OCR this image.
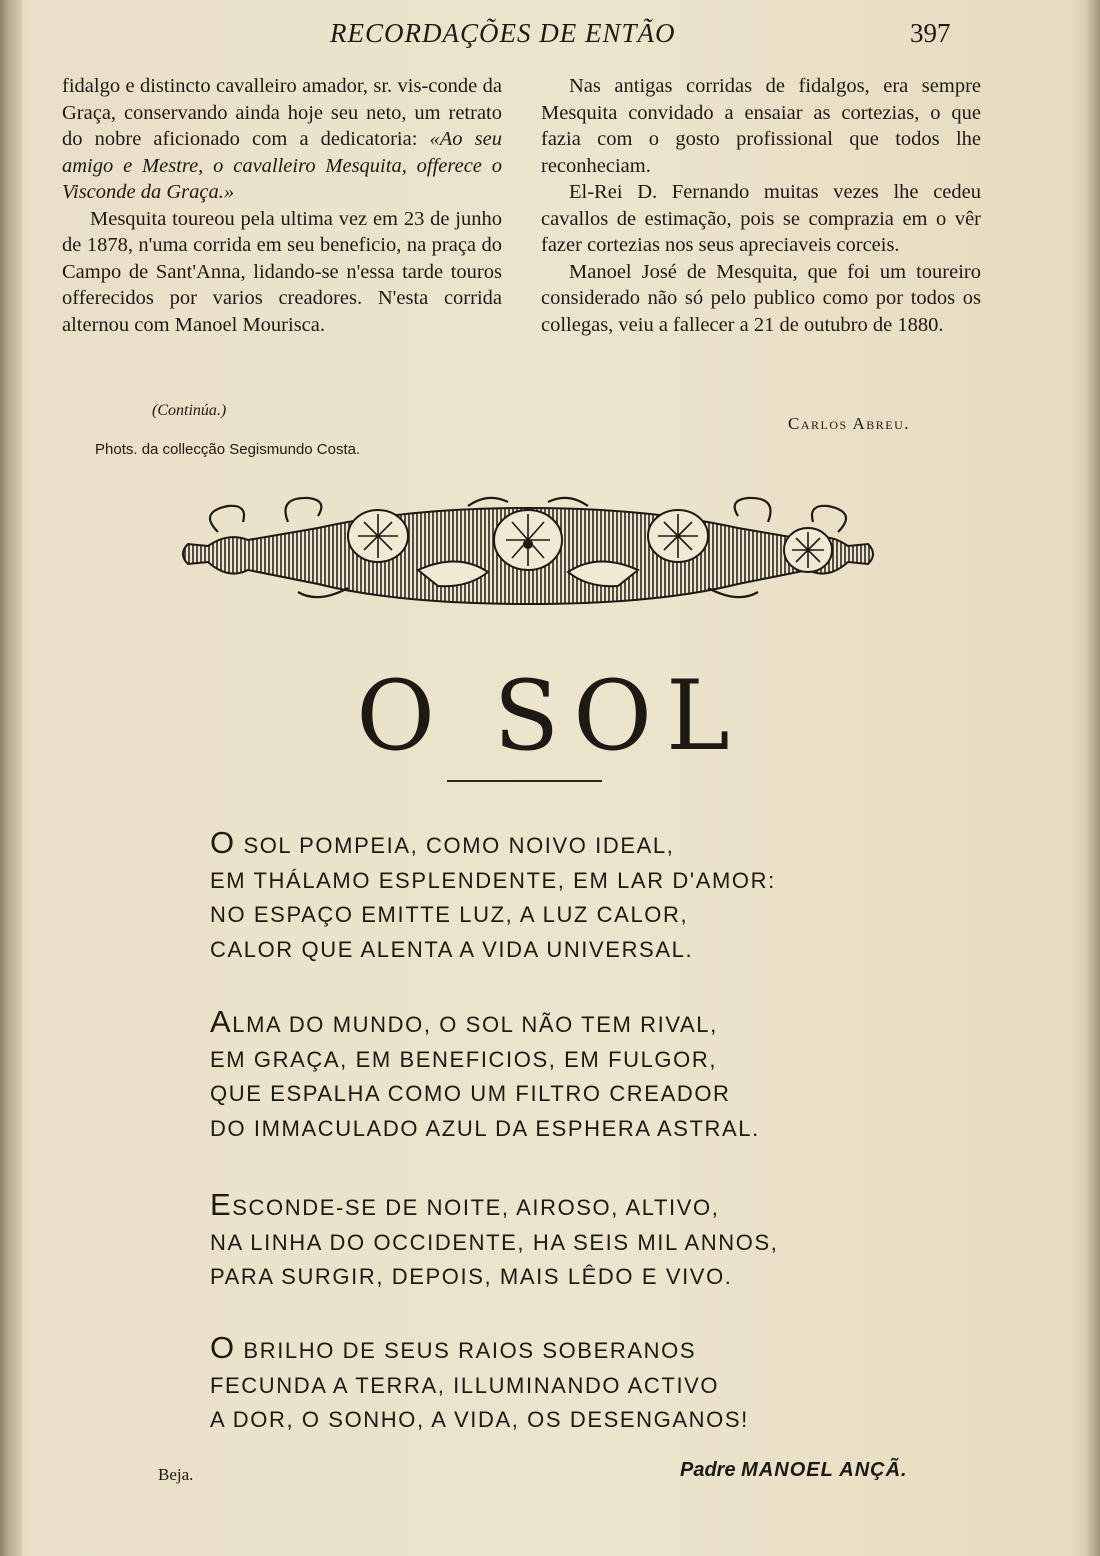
RECORDAÇÕES DE ENTÃO	397

fidalgo e distincto cavalleiro amador, sr. vis-conde da Graça, conservando ainda hoje seu neto, um retrato do nobre aficionado com a dedicatoria: «Ao seu amigo e Mestre, o cavalleiro Mesquita, offerece o Visconde da Graça.»

Mesquita toureou pela ultima vez em 23 de junho de 1878, n'uma corrida em seu beneficio, na praça do Campo de Sant'Anna, lidando-se n'essa tarde touros offerecidos por varios creadores. N'esta corrida alternou com Manoel Mourisca.

(Continúa.)
Phots. da collecção Segismundo Costa.

Nas antigas corridas de fidalgos, era sempre Mesquita convidado a ensaiar as cortezias, o que fazia com o gosto profissional que todos lhe reconheciam.

El-Rei D. Fernando muitas vezes lhe cedeu cavallos de estimação, pois se comprazia em o vêr fazer cortezias nos seus apreciaveis corceis.

Manoel José de Mesquita, que foi um toureiro considerado não só pelo publico como por todos os collegas, veiu a fallecer a 21 de outubro de 1880.

Carlos Abreu.
O SOL
O SOL POMPEIA, COMO NOIVO IDEAL,
EM THÁLAMO ESPLENDENTE, EM LAR D'AMOR:
NO ESPAÇO EMITTE LUZ, A LUZ CALOR,
CALOR QUE ALENTA A VIDA UNIVERSAL.
ALMA DO MUNDO, O SOL NÃO TEM RIVAL,
EM GRAÇA, EM BENEFICIOS, EM FULGOR,
QUE ESPALHA COMO UM FILTRO CREADOR
DO IMMACULADO AZUL DA ESPHERA ASTRAL.
ESCONDE-SE DE NOITE, AIROSO, ALTIVO,
NA LINHA DO OCCIDENTE, HA SEIS MIL ANNOS,
PARA SURGIR, DEPOIS, MAIS LÊDO E VIVO.
O BRILHO DE SEUS RAIOS SOBERANOS
FECUNDA A TERRA, ILLUMINANDO ACTIVO
A DOR, O SONHO, A VIDA, OS DESENGANOS!
Beja.	Padre MANOEL ANÇÃ.
